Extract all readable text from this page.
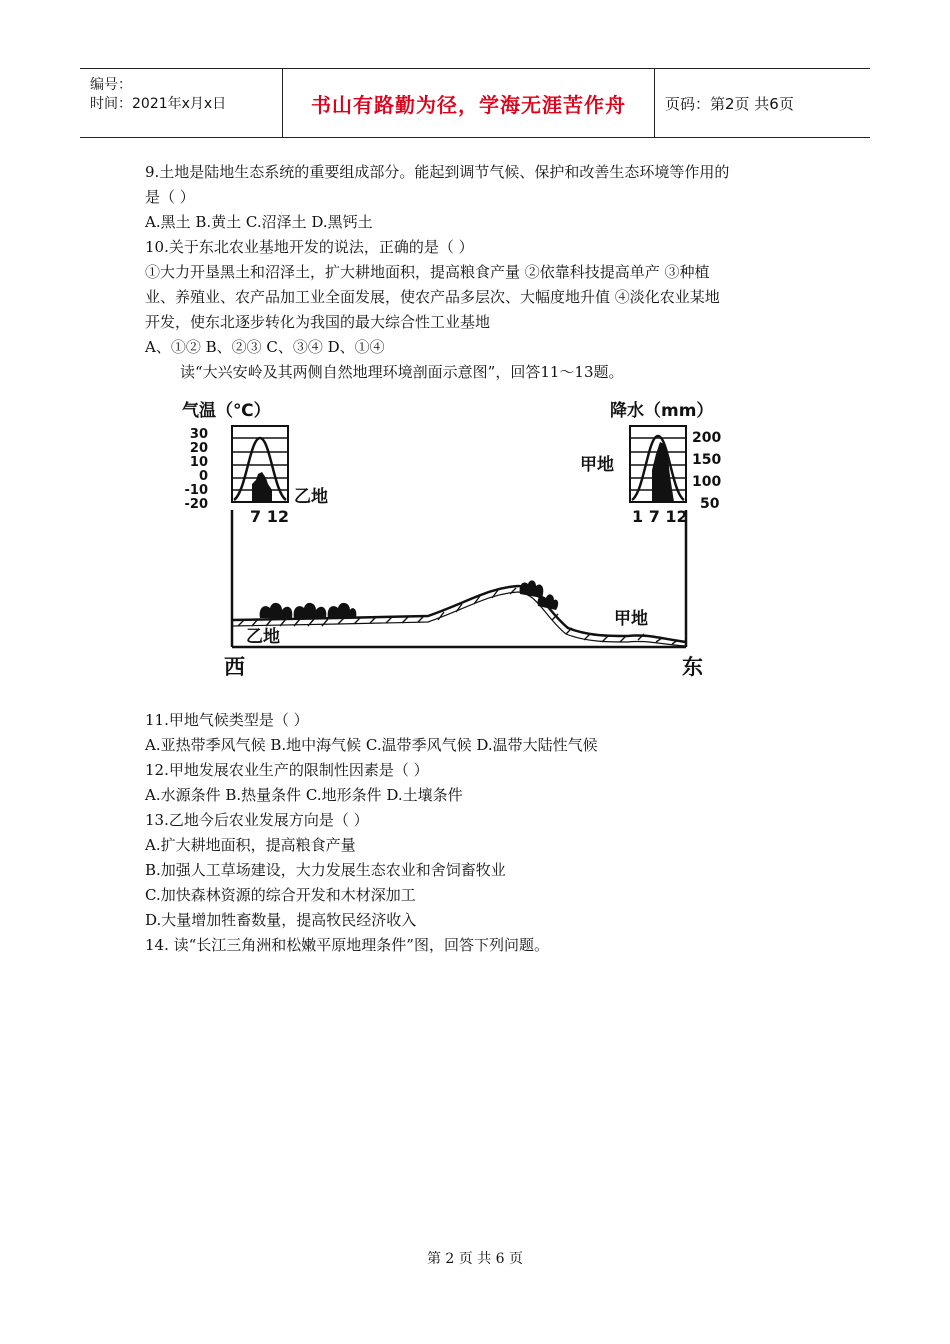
编号：
时间：2021年x月x日	书山有路勤为径，学海无涯苦作舟	页码：第2页 共6页
9.土地是陆地生态系统的重要组成部分。能起到调节气候、保护和改善生态环境等作用的
是（ ）
A.黑土 B.黄土 C.沼泽土 D.黑钙土
10.关于东北农业基地开发的说法，正确的是（ ）
①大力开垦黑土和沼泽土，扩大耕地面积，提高粮食产量 ②依靠科技提高单产 ③种植
业、养殖业、农产品加工业全面发展，使农产品多层次、大幅度地升值 ④淡化农业某地
开发，使东北逐步转化为我国的最大综合性工业基地
A、①② B、②③ C、③④ D、①④
读“大兴安岭及其两侧自然地理环境剖面示意图”，回答11～13题。
气温（℃）
30
20
10
0
-10
-20
7 12
乙地
降水（mm）
200
150
100
50
1 7 12
甲地
乙地
甲地
西	东
11.甲地气候类型是（ ）
A.亚热带季风气候 B.地中海气候 C.温带季风气候 D.温带大陆性气候
12.甲地发展农业生产的限制性因素是（ ）
A.水源条件 B.热量条件 C.地形条件 D.土壤条件
13.乙地今后农业发展方向是（ ）
A.扩大耕地面积，提高粮食产量
B.加强人工草场建设，大力发展生态农业和舍饲畜牧业
C.加快森林资源的综合开发和木材深加工
D.大量增加牲畜数量，提高牧民经济收入
14. 读“长江三角洲和松嫩平原地理条件”图，回答下列问题。
第 2 页 共 6 页
